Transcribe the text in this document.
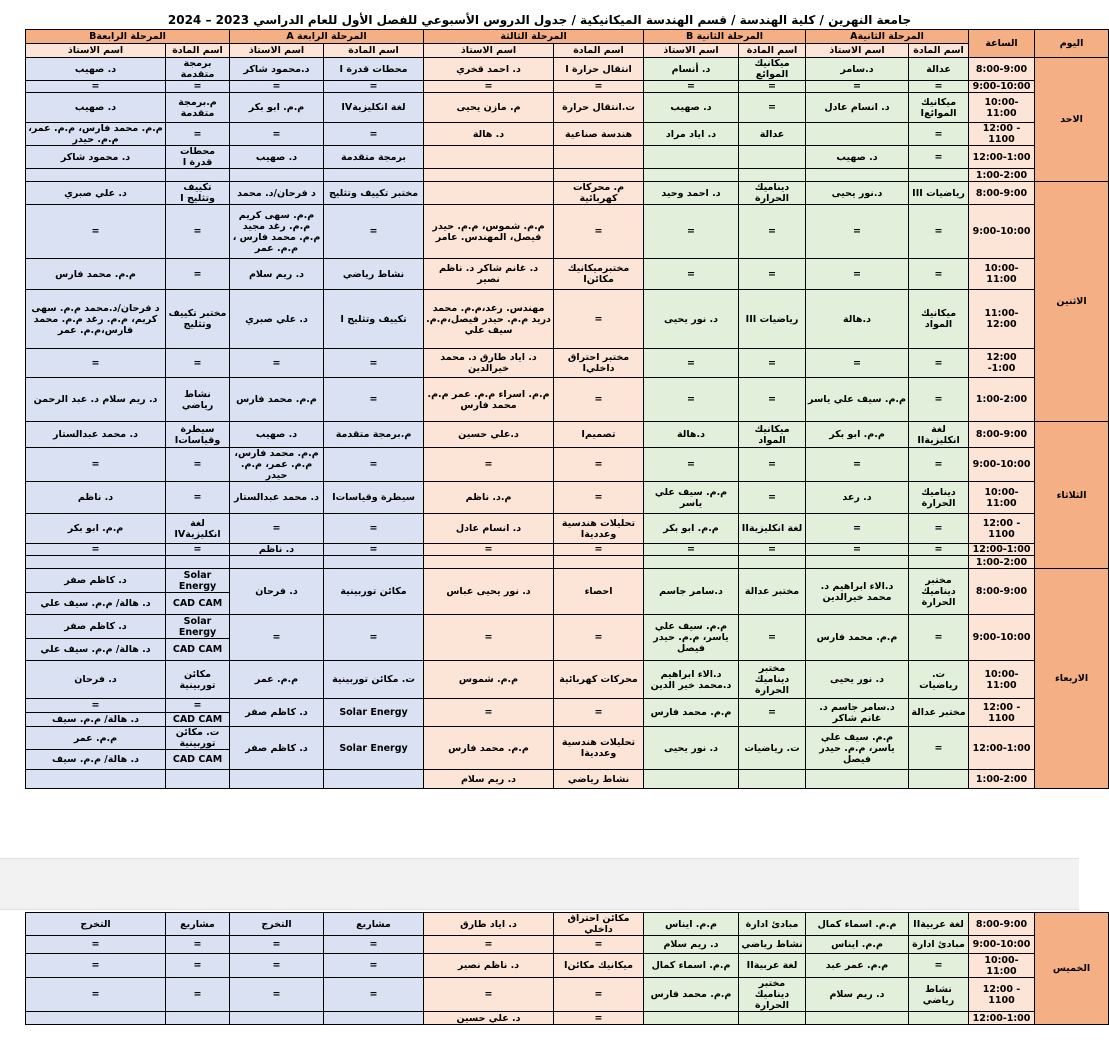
جامعة النهرين / كلية الهندسة / قسم الهندسة الميكانيكية / جدول الدروس الأسبوعي للفصل الأول للعام الدراسي 2023 – 2024
اليوم	الساعة	المرحلة الثانيةA		المرحلة الثانية B		المرحلة الثالثة		المرحلة الرابعة A		المرحلة الرابعةB	
		اسم المادة	اسم الاستاذ	اسم المادة	اسم الاستاذ	اسم المادة	اسم الاستاذ	اسم المادة	اسم الاستاذ	اسم المادة	اسم الاستاذ
الاحد	8:00-9:00	عدالة	د.سامر	ميكانيك الموائع	د. أنسام	انتقال حرارة I	د. احمد قخري	محطات قدرة I	د.محمود شاكر	برمجة متقدمة	د. صهيب
	9:00-10:00	=	=	=	=	=	=	=	=	=	=
	10:00-11:00	ميكانيك الموائعI	د. انسام عادل	=	د. صهيب	ت.انتقال حرارة	م. مازن يحيى	لغة انكليزيةIV	م.م. ابو بكر	م.برمجة متقدمة	د. صهيب
	12:00 - 1100	=		عدالة	د. اياد مراد	هندسة صناعية	د. هالة	=	=	=	م.م. محمد فارس، م.م. عمر، م.م. حيدر
	12:00-1:00	=	د. صهيب					برمجة متقدمة	د. صهيب	محطات قدرة I	د. محمود شاكر
	1:00-2:00										
الاثنين	8:00-9:00	رياضيات III	د.نور يحيى	ديناميك الحرارة	د. احمد وحيد	م. محركات كهربائية		مختبر تكييف وتثليج	د فرحان/د. محمد	تكييف وتثليج I	د. علي صبري
	9:00-10:00	=	=	=	=	=	م.م. شموس، م.م. حيدر فيصل، المهندس. عامر	=	م.م. سهى كريم م.م. رغد مجيد م.م. محمد فارس ، م.م. عمر	=	=
	10:00-11:00	=	=	=	=	مختبرميكانيك مكائنI	د. غانم شاكر د. ناظم نصير	نشاط رياضي	د. ريم سلام	=	م.م. محمد فارس
	11:00-12:00	ميكانيك المواد	د.هالة	رياضيات III	د. نور يحيى	=	مهندس. رعد،م.م. محمد دريد م.م. حيدر فيصل،م.م. سيف علي	تكييف وتثليج I	د. علي صبري	مختبر تكييف وتثليج	د فرحان/د.محمد م.م. سهى كريم، م.م. رغد م.م. محمد فارس،م.م. عمر
	12:00 -1:00	=	=	=	=	مختبر احتراق داخليI	د. اياد طارق د. محمد خيرالدين	=	=	=	=
	1:00-2:00	=	م.م. سيف علي ياسر	=	=	=	م.م. اسراء م.م. عمر م.م. محمد فارس	=	م.م. محمد فارس	نشاط رياضي	د. ريم سلام د. عبد الرحمن
الثلاثاء	8:00-9:00	لغة انكليزيةII	م.م. ابو بكر	ميكانيك المواد	د.هالة	تصميمI	د.علي حسين	م.برمجة متقدمة	د. صهيب	سيطرة وقياساتI	د. محمد عبدالستار
	9:00-10:00	=	=	=	=	=	=	=	م.م. محمد فارس، م.م. عمر، م.م. حيدر	=	=
	10:00-11:00	ديناميك الحرارة	د. رعد	=	م.م. سيف علي ياسر	=	م.د. ناظم	سيطرة وقياساتI	د. محمد عبدالستار	=	د. ناظم
	12:00 - 1100	=	=	لغة انكليزيةII	م.م. ابو بكر	تحليلات هندسية وعدديةI	د. انسام عادل	=	=	لغة انكليزيةIV	م.م. ابو بكر
	12:00-1:00	=	=	=	=	=	=	=	د. ناظم	=	=
	1:00-2:00										
الاربعاء	8:00-9:00	مختبر ديناميك الحرارة	د.الاء ابراهيم د. محمد خيرالدين	مختبر عدالة	د.سامر جاسم	احصاء	د. نور يحيى عباس	مكائن توربينية	د. فرحان	Solar Energy	د. كاظم صفر
										CAD CAM	د. هالة/ م.م. سيف علي
	9:00-10:00	=	م.م. محمد فارس	=	م.م. سيف علي ياسر، م.م. حيدر فيصل	=	=	=	=	Solar Energy	د. كاظم صفر
										CAD CAM	د. هالة/ م.م. سيف علي
	10:00-11:00	ت. رياضيات	د. نور يحيى	مختبر ديناميك الحرارة	د.الاء ابراهيم د.محمد خير الدين	محركات كهربائية	م.م. شموس	ت. مكائن توربينية	م.م. عمر	مكائن توربينية	د. فرحان
	12:00 - 1100	مختبر عدالة	د.سامر جاسم د. غانم شاكر	=	م.م. محمد فارس	=	=	Solar Energy	د. كاظم صفر	=	=
										CAD CAM	د. هالة/ م.م. سيف
	12:00-1:00	=	م.م. سيف علي ياسر، م.م. حيدر فيصل	ت. رياضيات	د. نور يحيى	تحليلات هندسية وعدديةI	م.م. محمد فارس	Solar Energy	د. كاظم صفر	ت. مكائن توربينية	م.م. عمر
										CAD CAM	د. هالة/ م.م. سيف
	1:00-2:00					نشاط رياضي	د. ريم سلام				
الخميس	8:00-9:00	لغة عربيةII	م.م. اسماء كمال	مبادئ ادارة	م.م. ايناس	مكائن احتراق داخلي	د. اياد طارق	مشاريع	التخرج	مشاريع	التخرج
	9:00-10:00	مبادئ ادارة	م.م. ايناس	نشاط رياضي	د. ريم سلام	=	=	=	=	=	=
	10:00-11:00	=	م.م. عمر عبد	لغة عربيةII	م.م. اسماء كمال	ميكانيك مكائنI	د. ناظم نصير	=	=	=	=
	12:00 - 1100	نشاط رياضي	د. ريم سلام	مختبر ديناميك الحرارة	م.م. محمد فارس	=	=	=	=	=	=
	12:00-1:00					=	د. علي حسين				
